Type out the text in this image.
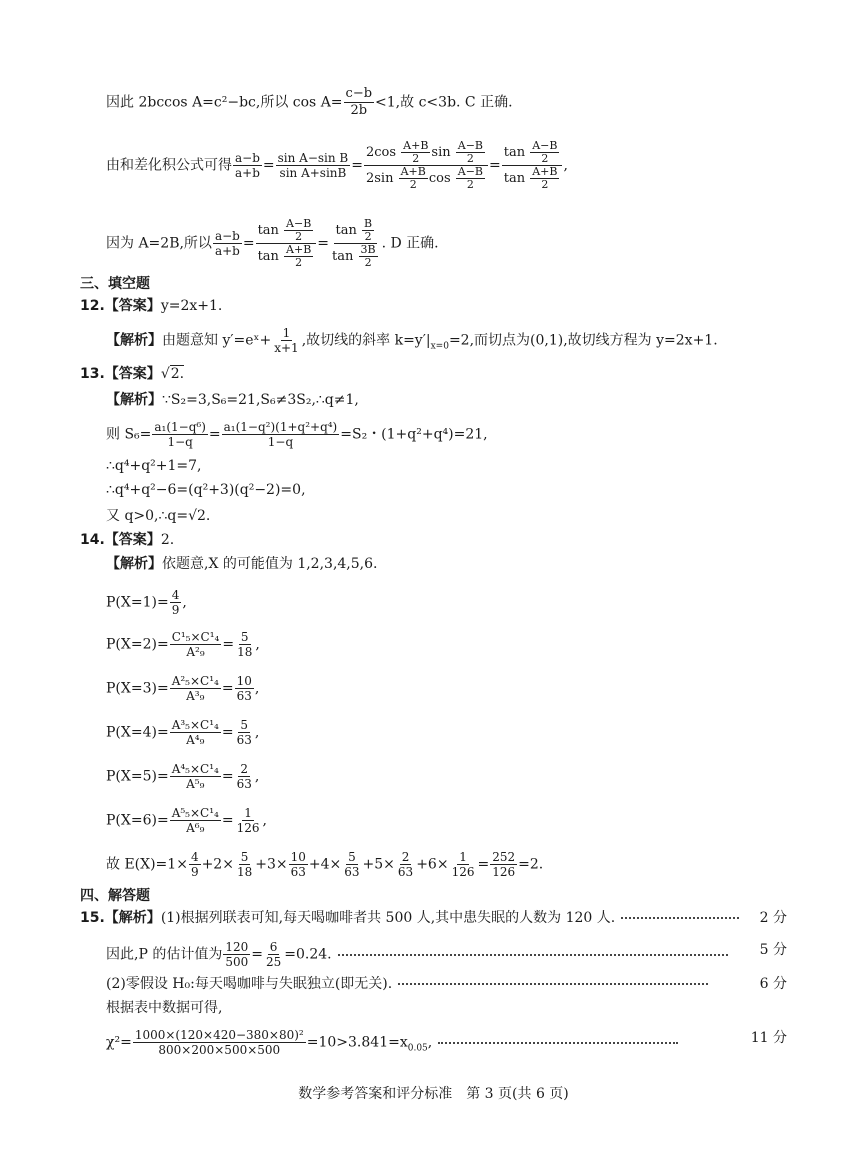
因此 2bccos A=c²−bc,所以 $\cos A= \frac{c-b}{2b} <1$,故 c<3b. C 正确.
由和差化积公式可得 $\frac{a-b}{a+b} = \frac{\text{sin A−sin B}}{\text{sin A+sinB}} = \frac{2\cos \frac{A+B}{2} \sin \frac{A-B}{2}}{2\sin \frac{A+B}{2} \cos \frac{A-B}{2}} = \frac{\tan \frac{A-B}{2}}{\tan \frac{A+B}{2}}$ ,
因为 A=2B,所以 $\frac{a-b}{a+b} = \frac{\tan \frac{A-B}{2}}{\tan \frac{A+B}{2}} = \frac{\tan \frac{B}{2}}{\tan \frac{3B}{2}}$ . D 正确.
三、填空题
12.【答案】y=2x+1.
【解析】由题意知 y′=eˣ+ $\frac{1}{x+1}$ ,故切线的斜率 $k=y'|_{x=0}=2$,而切点为(0,1),故切线方程为 y=2x+1.
13.【答案】√2.
【解析】∵S₂=3,S₆=21,S₆≠3S₂,∴q≠1,
则 $S_6= \frac{\text{a₁(1−q⁶)}}{1-q} = \frac{\text{a₁(1−q²)(1+q²+q⁴)}}{1-q} =S_2$・(1+q²+q⁴)=21,
∴q⁴+q²+1=7,
∴q⁴+q²−6=(q²+3)(q²−2)=0,
又 q>0,∴q=√2.
14.【答案】2.
【解析】依题意,X 的可能值为 1,2,3,4,5,6.
$P(X=1)= \frac{4}{9}$ ,
$P(X=2)= \frac{\text{C¹₅×C¹₄}}{\text{A²₉}} = \frac{5}{18}$ ,
$P(X=3)= \frac{\text{A²₅×C¹₄}}{\text{A³₉}} = \frac{10}{63}$ ,
$P(X=4)= \frac{\text{A³₅×C¹₄}}{\text{A⁴₉}} = \frac{5}{63}$ ,
$P(X=5)= \frac{\text{A⁴₅×C¹₄}}{\text{A⁵₉}} = \frac{2}{63}$ ,
$P(X=6)= \frac{\text{A⁵₅×C¹₄}}{\text{A⁶₉}} = \frac{1}{126}$ ,
故 $E(X)=1\times \frac{4}{9} +2\times \frac{5}{18} +3\times \frac{10}{63} +4\times \frac{5}{63} +5\times \frac{2}{63} +6\times \frac{1}{126} = \frac{252}{126} =2$.
四、解答题
15.【解析】(1)根据列联表可知,每天喝咖啡者共 500 人,其中患失眠的人数为 120 人.	2 分
因此,P 的估计值为 $\frac{120}{500} = \frac{6}{25} =0.24$.	5 分
(2)零假设 H₀:每天喝咖啡与失眠独立(即无关).	6 分
根据表中数据可得,
$\chi^2= \frac{\text{1000×(120×420−380×80)²}}{800\times 200\times 500\times 500} =10>3.841=x_{0.05}$,	11 分
数学参考答案和评分标准　第 3 页(共 6 页)
